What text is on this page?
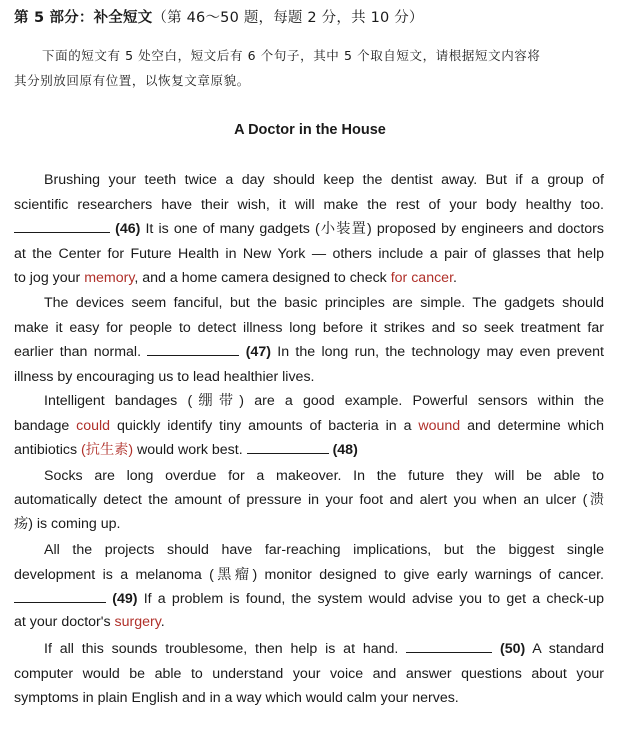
第 5 部分：补全短文（第 46～50 题，每题 2 分，共 10 分）
下面的短文有 5 处空白，短文后有 6 个句子，其中 5 个取自短文，请根据短文内容将
其分别放回原有位置，以恢复文章原貌。
A Doctor in the House
Brushing your teeth twice a day should keep the dentist away. But if a group of
scientific researchers have their wish, it will make the rest of your body healthy too.
(46) It is one of many gadgets (小装置) proposed by engineers and doctors
at the Center for Future Health in New York — others include a pair of glasses that help
to jog your memory, and a home camera designed to check for cancer.
The devices seem fanciful, but the basic principles are simple. The gadgets should
make it easy for people to detect illness long before it strikes and so seek treatment far
earlier than normal.	(47) In the long run, the technology may even prevent
illness by encouraging us to lead healthier lives.
Intelligent bandages (绷带) are a good example. Powerful sensors within the
bandage could quickly identify tiny amounts of bacteria in a wound and determine which
antibiotics (抗生素) would work best.	(48)
Socks are long overdue for a makeover. In the future they will be able to
automatically detect the amount of pressure in your foot and alert you when an ulcer (溃
疡) is coming up.
All the projects should have far-reaching implications, but the biggest single
development is a melanoma (黑瘤) monitor designed to give early warnings of cancer.
(49) If a problem is found, the system would advise you to get a check-up
at your doctor's surgery.
If all this sounds troublesome, then help is at hand.	(50) A standard
computer would be able to understand your voice and answer questions about your
symptoms in plain English and in a way which would calm your nerves.
